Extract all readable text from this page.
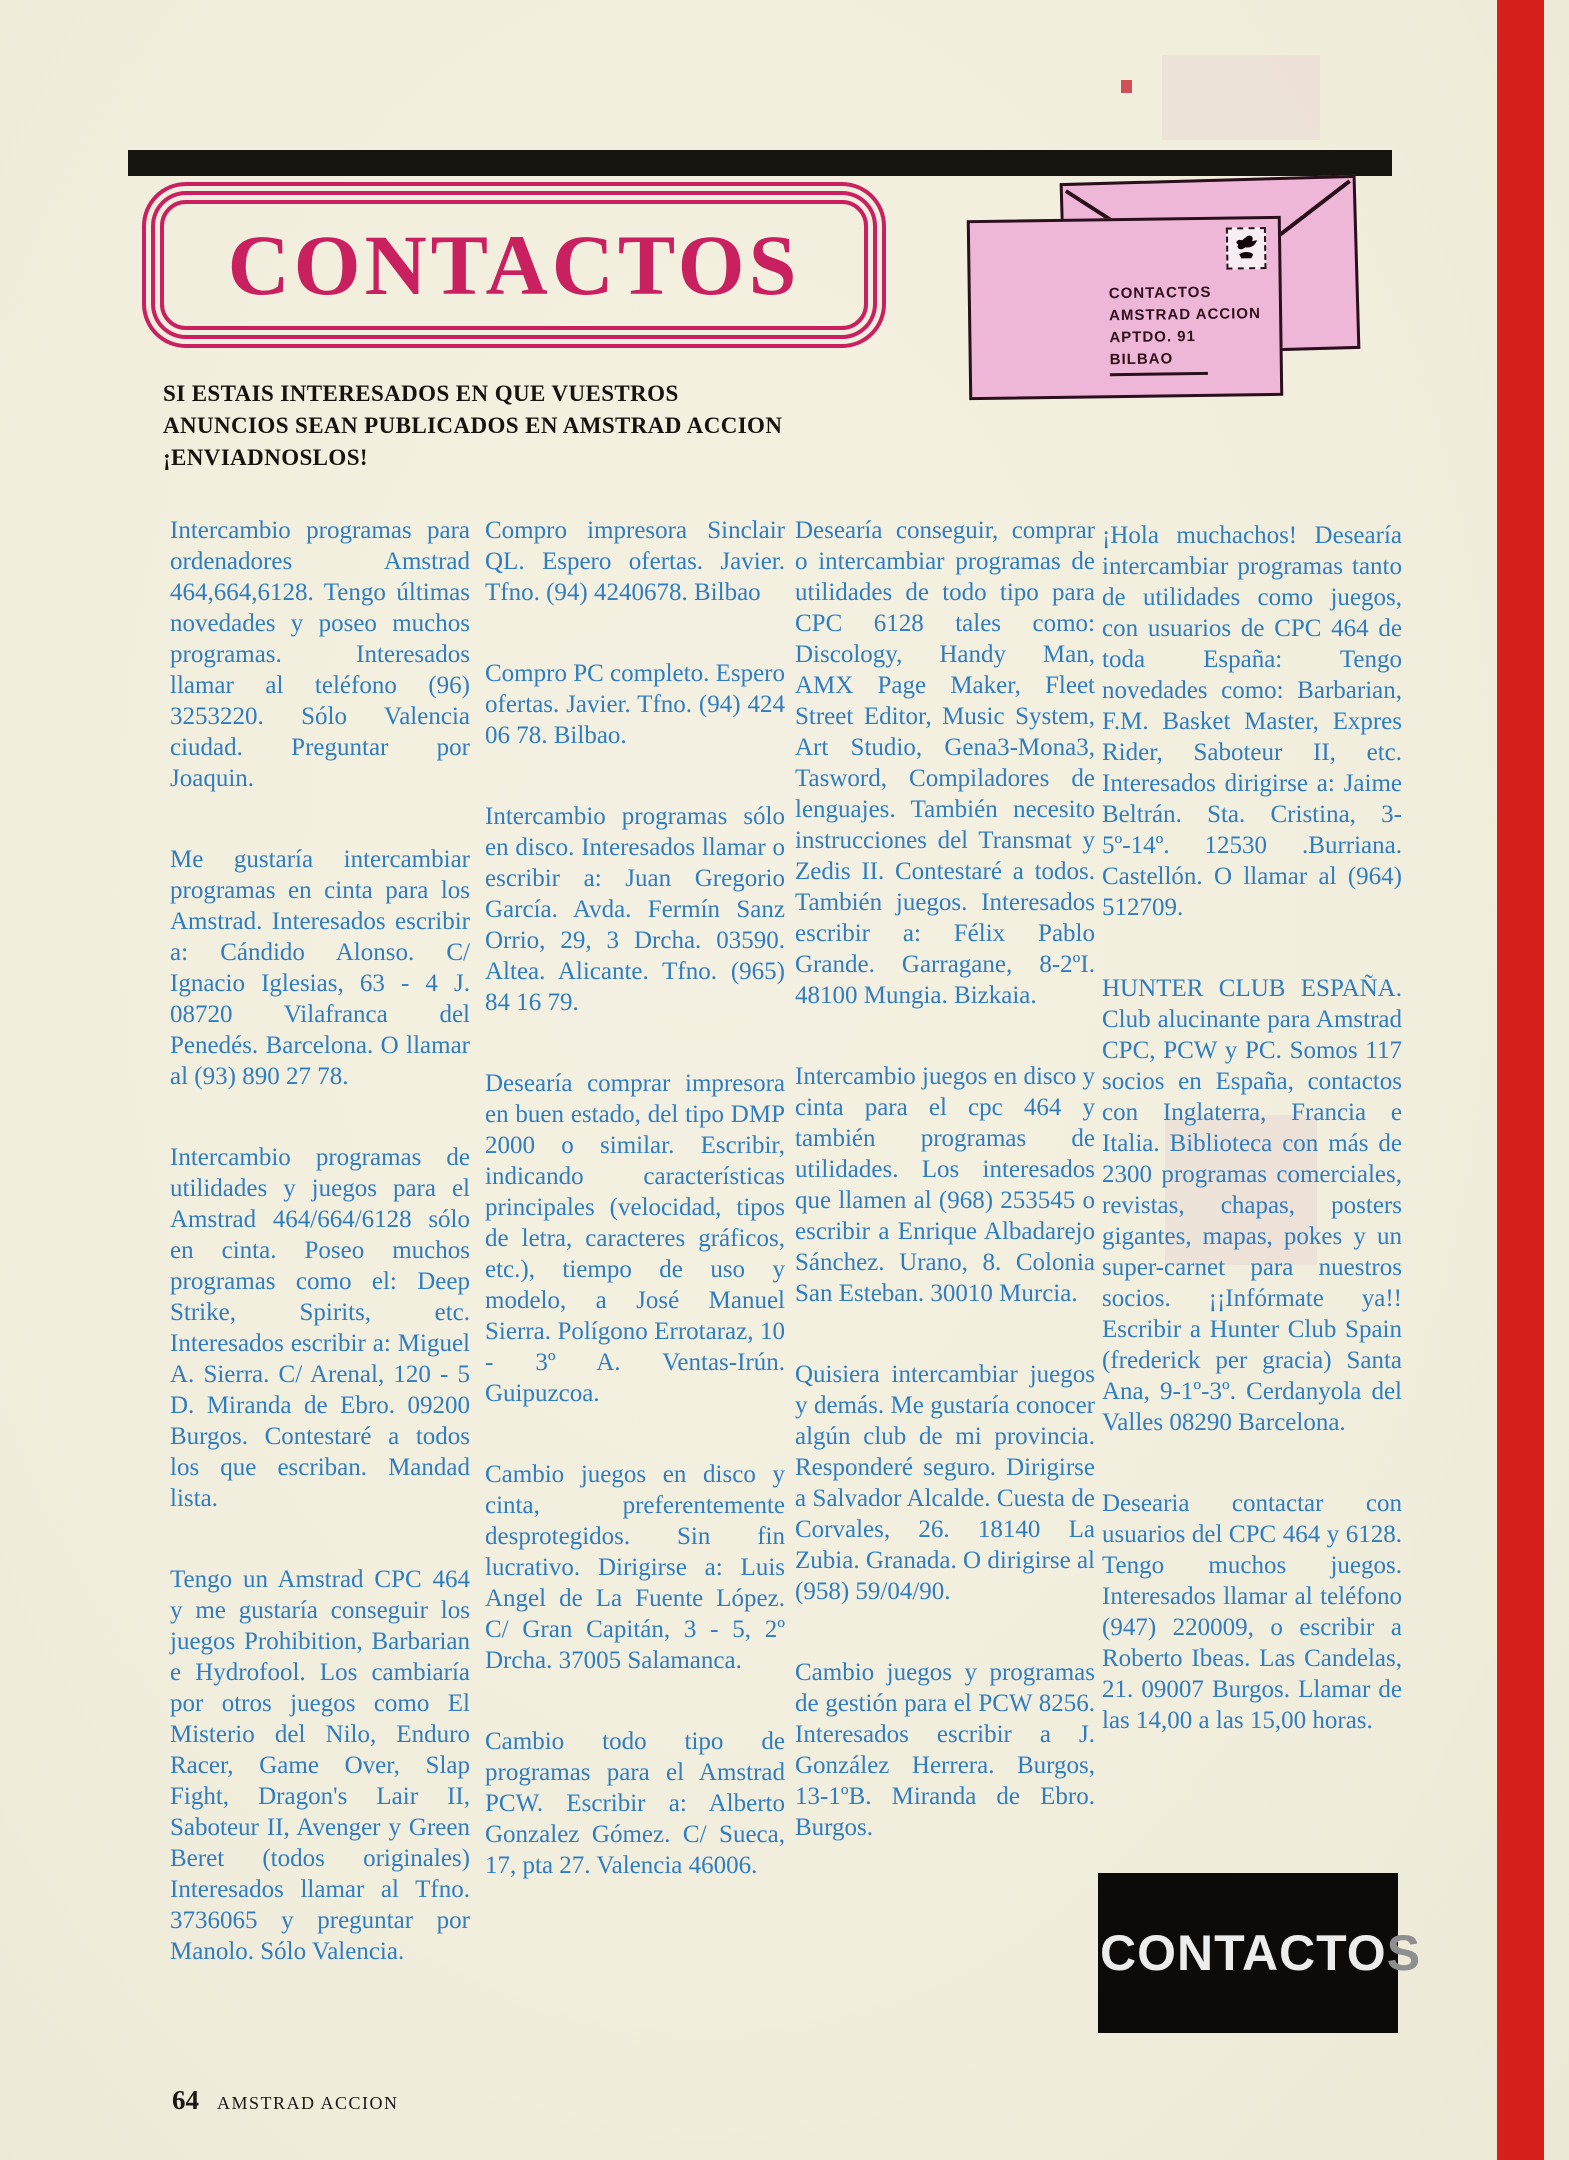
CONTACTOS	CONTACTOS
AMSTRAD ACCION
APTDO. 91
BILBAO
SI ESTAIS INTERESADOS EN QUE VUESTROS
ANUNCIOS SEAN PUBLICADOS EN AMSTRAD ACCION
¡ENVIADNOSLOS!

Intercambio programas para ordenadores Amstrad 464,664,6128. Tengo últimas novedades y poseo muchos programas. Interesados llamar al teléfono (96) 3253220. Sólo Valencia ciudad. Preguntar por Joaquin.

Me gustaría intercambiar programas en cinta para los Amstrad. Interesados escribir a: Cándido Alonso. C/ Ignacio Iglesias, 63 - 4 J. 08720 Vilafranca del Penedés. Barcelona. O llamar al (93) 890 27 78.

Intercambio programas de utilidades y juegos para el Amstrad 464/664/6128 sólo en cinta. Poseo muchos programas como el: Deep Strike, Spirits, etc. Interesados escribir a: Miguel A. Sierra. C/ Arenal, 120 - 5 D. Miranda de Ebro. 09200 Burgos. Contestaré a todos los que escriban. Mandad lista.

Tengo un Amstrad CPC 464 y me gustaría conseguir los juegos Prohibition, Barbarian e Hydrofool. Los cambiaría por otros juegos como El Misterio del Nilo, Enduro Racer, Game Over, Slap Fight, Dragon's Lair II, Saboteur II, Avenger y Green Beret (todos originales) Interesados llamar al Tfno. 3736065 y preguntar por Manolo. Sólo Valencia.

Compro impresora Sinclair QL. Espero ofertas. Javier. Tfno. (94) 4240678. Bilbao

Compro PC completo. Espero ofertas. Javier. Tfno. (94) 424 06 78. Bilbao.

Intercambio programas sólo en disco. Interesados llamar o escribir a: Juan Gregorio García. Avda. Fermín Sanz Orrio, 29, 3 Drcha. 03590. Altea. Alicante. Tfno. (965) 84 16 79.

Desearía comprar impresora en buen estado, del tipo DMP 2000 o similar. Escribir, indicando características principales (velocidad, tipos de letra, caracteres gráficos, etc.), tiempo de uso y modelo, a José Manuel Sierra. Polígono Errotaraz, 10 - 3º A. Ventas-Irún. Guipuzcoa.

Cambio juegos en disco y cinta, preferentemente desprotegidos. Sin fin lucrativo. Dirigirse a: Luis Angel de La Fuente López. C/ Gran Capitán, 3 - 5, 2º Drcha. 37005 Salamanca.

Cambio todo tipo de programas para el Amstrad PCW. Escribir a: Alberto Gonzalez Gómez. C/ Sueca, 17, pta 27. Valencia 46006.

Desearía conseguir, comprar o intercambiar programas de utilidades de todo tipo para CPC 6128 tales como: Discology, Handy Man, AMX Page Maker, Fleet Street Editor, Music System, Art Studio, Gena3-Mona3, Tasword, Compiladores de lenguajes. También necesito instrucciones del Transmat y Zedis II. Contestaré a todos. También juegos. Interesados escribir a: Félix Pablo Grande. Garragane, 8-2ºI. 48100 Mungia. Bizkaia.

Intercambio juegos en disco y cinta para el cpc 464 y también programas de utilidades. Los interesados que llamen al (968) 253545 o escribir a Enrique Albadarejo Sánchez. Urano, 8. Colonia San Esteban. 30010 Murcia.

Quisiera intercambiar juegos y demás. Me gustaría conocer algún club de mi provincia. Responderé seguro. Dirigirse a Salvador Alcalde. Cuesta de Corvales, 26. 18140 La Zubia. Granada. O dirigirse al (958) 59/04/90.

Cambio juegos y programas de gestión para el PCW 8256. Interesados escribir a J. González Herrera. Burgos, 13-1ºB. Miranda de Ebro. Burgos.

¡Hola muchachos! Desearía intercambiar programas tanto de utilidades como juegos, con usuarios de CPC 464 de toda España: Tengo novedades como: Barbarian, F.M. Basket Master, Expres Rider, Saboteur II, etc. Interesados dirigirse a: Jaime Beltrán. Sta. Cristina, 3-5º-14º. 12530 .Burriana. Castellón. O llamar al (964) 512709.

HUNTER CLUB ESPAÑA. Club alucinante para Amstrad CPC, PCW y PC. Somos 117 socios en España, contactos con Inglaterra, Francia e Italia. Biblioteca con más de 2300 programas comerciales, revistas, chapas, posters gigantes, mapas, pokes y un super-carnet para nuestros socios. ¡¡Infórmate ya!! Escribir a Hunter Club Spain (frederick per gracia) Santa Ana, 9-1º-3º. Cerdanyola del Valles 08290 Barcelona.

Desearia contactar con usuarios del CPC 464 y 6128. Tengo muchos juegos. Interesados llamar al teléfono (947) 220009, o escribir a Roberto Ibeas. Las Candelas, 21. 09007 Burgos. Llamar de las 14,00 a las 15,00 horas.

CONTACTOS
64 AMSTRAD ACCION
